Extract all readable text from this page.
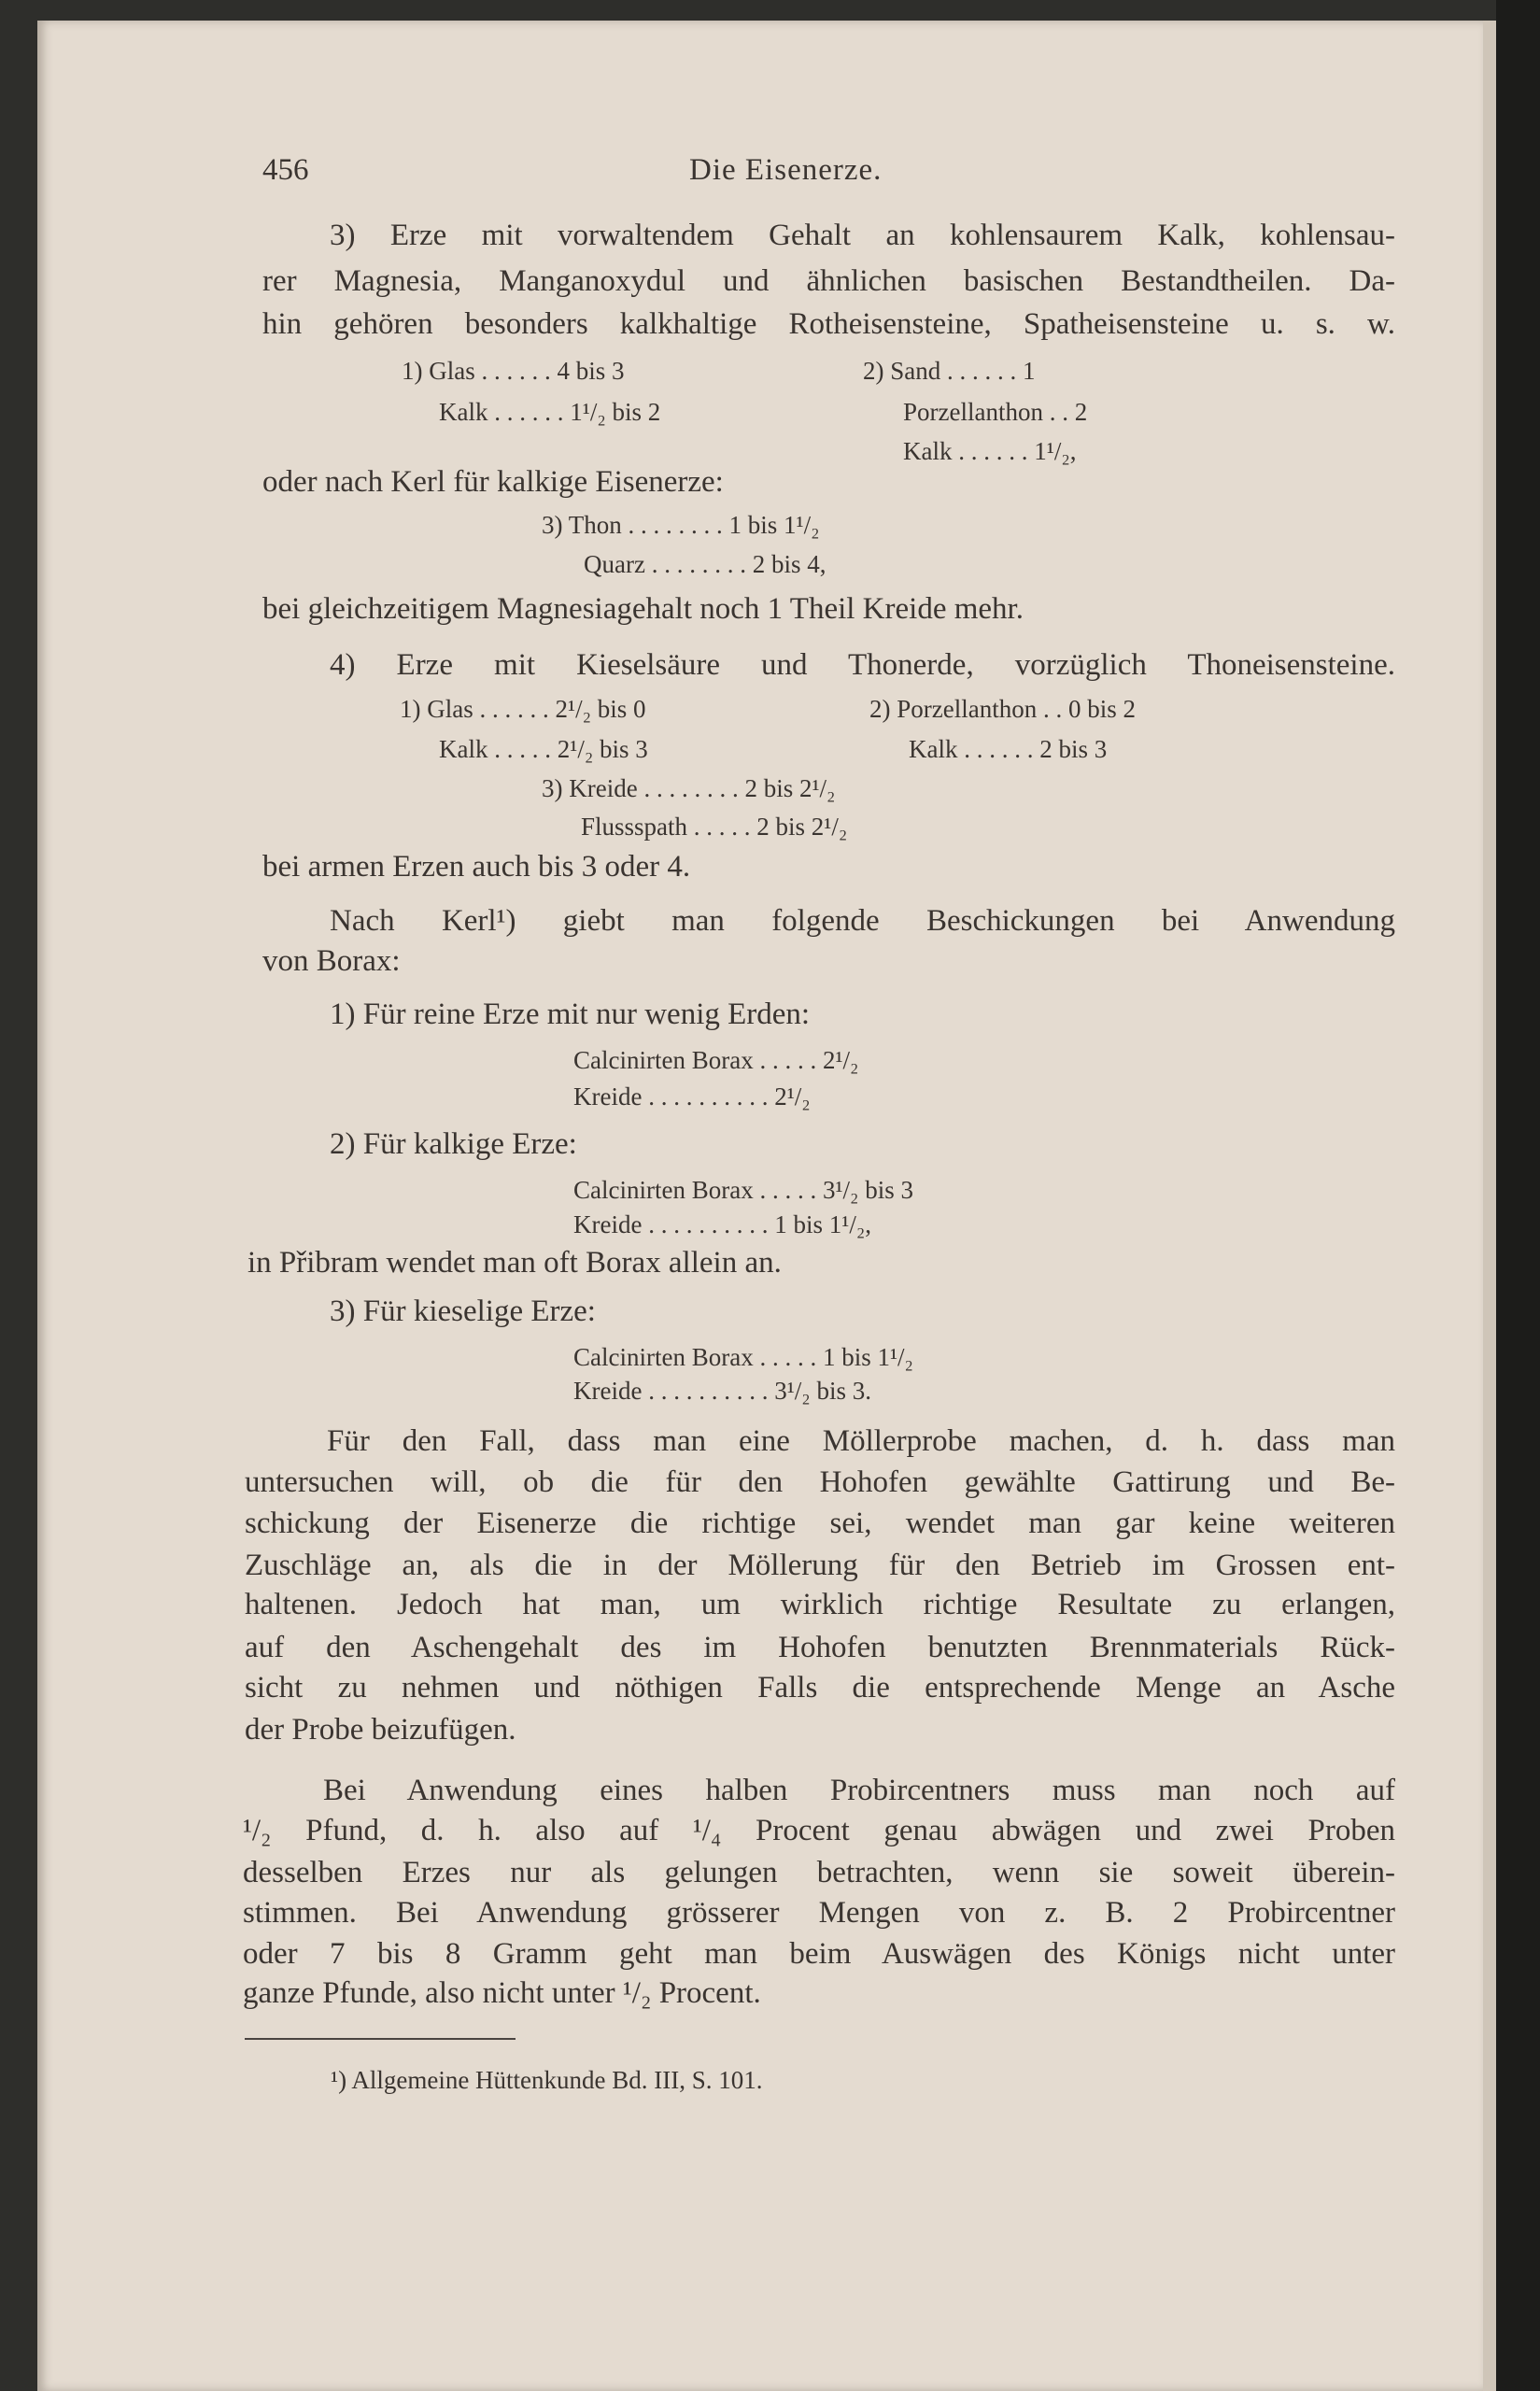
456	Die Eisenerze.
3) Erze mit vorwaltendem Gehalt an kohlensaurem Kalk, kohlensau-
rer Magnesia, Manganoxydul und ähnlichen basischen Bestandtheilen. Da-
hin gehören besonders kalkhaltige Rotheisensteine, Spatheisensteine u. s. w.
1) Glas . . . . . . 4 bis 3
Kalk . . . . . . 1¹/₂ bis 2
2) Sand . . . . . . 1
Porzellanthon . . 2
Kalk . . . . . . 1¹/₂,
oder nach Kerl für kalkige Eisenerze:
3) Thon . . . . . . . . 1 bis 1¹/₂
Quarz . . . . . . . . 2 bis 4,
bei gleichzeitigem Magnesiagehalt noch 1 Theil Kreide mehr.
4) Erze mit Kieselsäure und Thonerde, vorzüglich Thoneisensteine.
1) Glas . . . . . . 2¹/₂ bis 0
Kalk . . . . . 2¹/₂ bis 3
2) Porzellanthon . . 0 bis 2
Kalk . . . . . . 2 bis 3
3) Kreide . . . . . . . . 2 bis 2¹/₂
Flussspath . . . . . 2 bis 2¹/₂
bei armen Erzen auch bis 3 oder 4.
Nach Kerl¹) giebt man folgende Beschickungen bei Anwendung
von Borax:
1) Für reine Erze mit nur wenig Erden:
Calcinirten Borax . . . . . 2¹/₂
Kreide . . . . . . . . . . 2¹/₂
2) Für kalkige Erze:
Calcinirten Borax . . . . . 3¹/₂ bis 3
Kreide . . . . . . . . . . 1 bis 1¹/₂,
in Přibram wendet man oft Borax allein an.
3) Für kieselige Erze:
Calcinirten Borax . . . . . 1 bis 1¹/₂
Kreide . . . . . . . . . . 3¹/₂ bis 3.
Für den Fall, dass man eine Möllerprobe machen, d. h. dass man
untersuchen will, ob die für den Hohofen gewählte Gattirung und Be-
schickung der Eisenerze die richtige sei, wendet man gar keine weiteren
Zuschläge an, als die in der Möllerung für den Betrieb im Grossen ent-
haltenen. Jedoch hat man, um wirklich richtige Resultate zu erlangen,
auf den Aschengehalt des im Hohofen benutzten Brennmaterials Rück-
sicht zu nehmen und nöthigen Falls die entsprechende Menge an Asche
der Probe beizufügen.
Bei Anwendung eines halben Probircentners muss man noch auf
¹/₂ Pfund, d. h. also auf ¹/₄ Procent genau abwägen und zwei Proben
desselben Erzes nur als gelungen betrachten, wenn sie soweit überein-
stimmen. Bei Anwendung grösserer Mengen von z. B. 2 Probircentner
oder 7 bis 8 Gramm geht man beim Auswägen des Königs nicht unter
ganze Pfunde, also nicht unter ¹/₂ Procent.
¹) Allgemeine Hüttenkunde Bd. III, S. 101.
